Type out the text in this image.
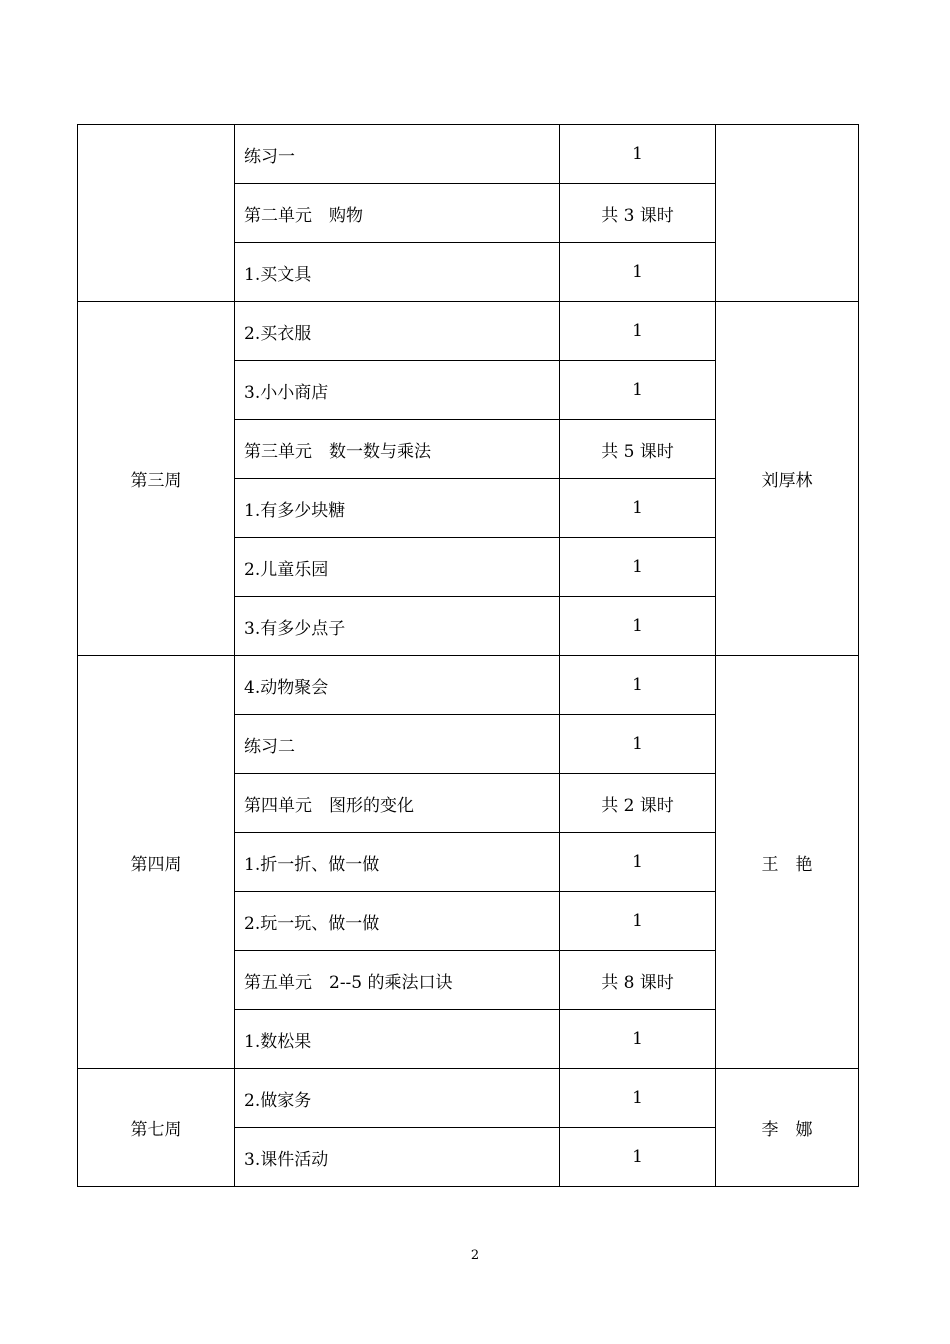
	练习一	1	
	第二单元　购物	共 3 课时	
	1.买文具	1	
第三周	2.买衣服	1	刘厚林
	3.小小商店	1	
	第三单元　数一数与乘法	共 5 课时	
	1.有多少块糖	1	
	2.儿童乐园	1	
	3.有多少点子	1	
第四周	4.动物聚会	1	王　艳
	练习二	1	
	第四单元　图形的变化	共 2 课时	
	1.折一折、做一做	1	
	2.玩一玩、做一做	1	
	第五单元　2--5 的乘法口诀	共 8 课时	
	1.数松果	1	
第七周	2.做家务	1	李　娜
	3.课件活动	1	
2
